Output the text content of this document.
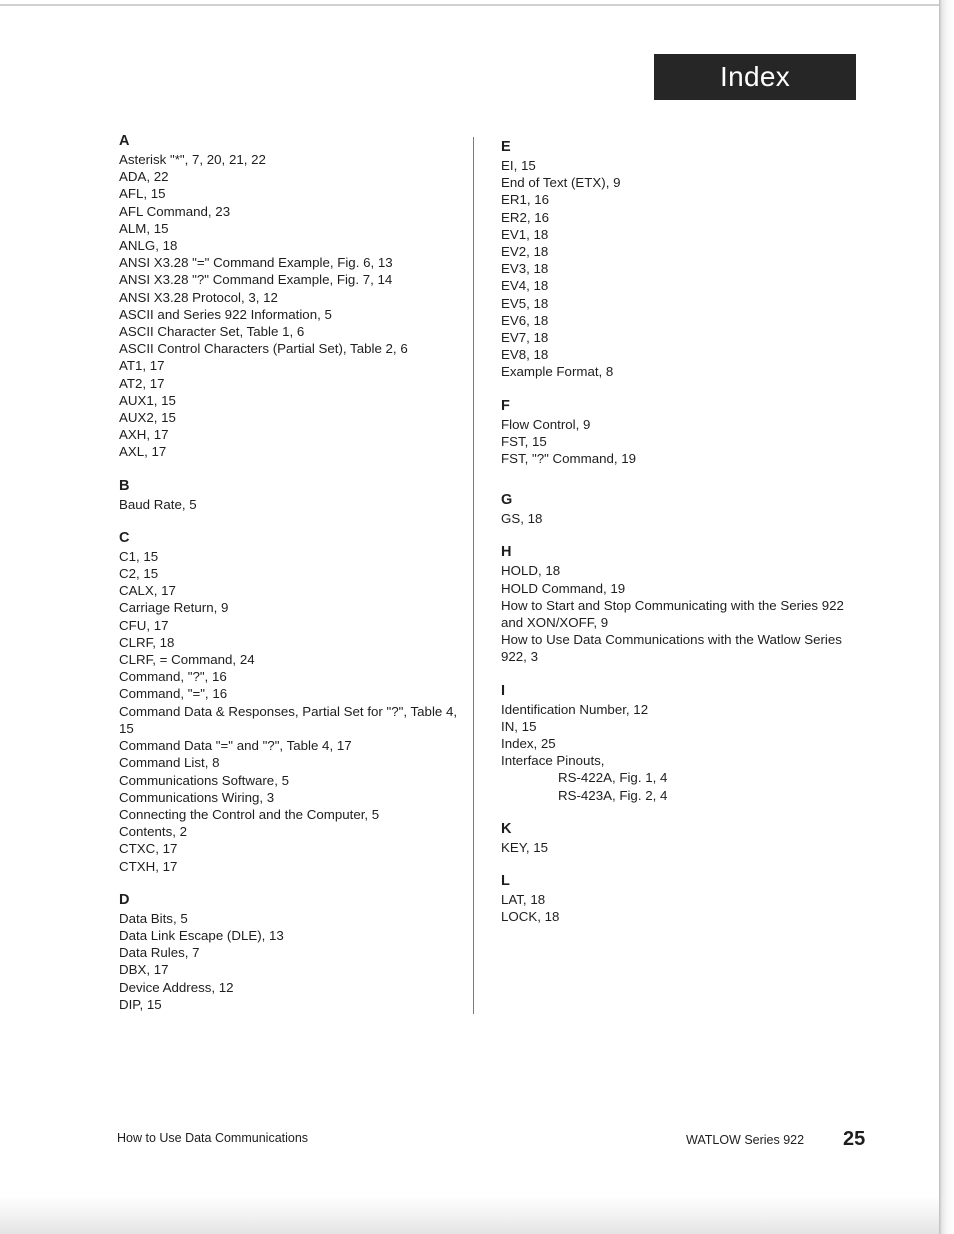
Index
A
Asterisk "*", 7, 20, 21, 22
ADA, 22
AFL, 15
AFL Command, 23
ALM, 15
ANLG, 18
ANSI X3.28 "=" Command Example, Fig. 6, 13
ANSI X3.28 "?" Command Example, Fig. 7, 14
ANSI X3.28 Protocol, 3, 12
ASCII and Series 922 Information, 5
ASCII Character Set, Table 1, 6
ASCII Control Characters (Partial Set), Table 2, 6
AT1, 17
AT2, 17
AUX1, 15
AUX2, 15
AXH, 17
AXL, 17
B
Baud Rate, 5
C
C1, 15
C2, 15
CALX, 17
Carriage Return, 9
CFU, 17
CLRF, 18
CLRF, = Command, 24
Command, "?", 16
Command, "=", 16
Command Data & Responses, Partial Set for "?", Table 4, 15
Command Data "=" and "?", Table 4, 17
Command List, 8
Communications Software, 5
Communications Wiring, 3
Connecting the Control and the Computer, 5
Contents, 2
CTXC, 17
CTXH, 17
D
Data Bits, 5
Data Link Escape (DLE), 13
Data Rules, 7
DBX, 17
Device Address, 12
DIP, 15
E
EI, 15
End of Text (ETX), 9
ER1, 16
ER2, 16
EV1, 18
EV2, 18
EV3, 18
EV4, 18
EV5, 18
EV6, 18
EV7, 18
EV8, 18
Example Format, 8
F
Flow Control, 9
FST, 15
FST, "?" Command, 19
G
GS, 18
H
HOLD, 18
HOLD Command, 19
How to Start and Stop Communicating with the Series 922 and XON/XOFF, 9
How to Use Data Communications with the Watlow Series 922, 3
I
Identification Number, 12
IN, 15
Index, 25
Interface Pinouts,
RS-422A, Fig. 1, 4
RS-423A, Fig. 2, 4
K
KEY, 15
L
LAT, 18
LOCK, 18
How to Use Data Communications	WATLOW Series 922 25
